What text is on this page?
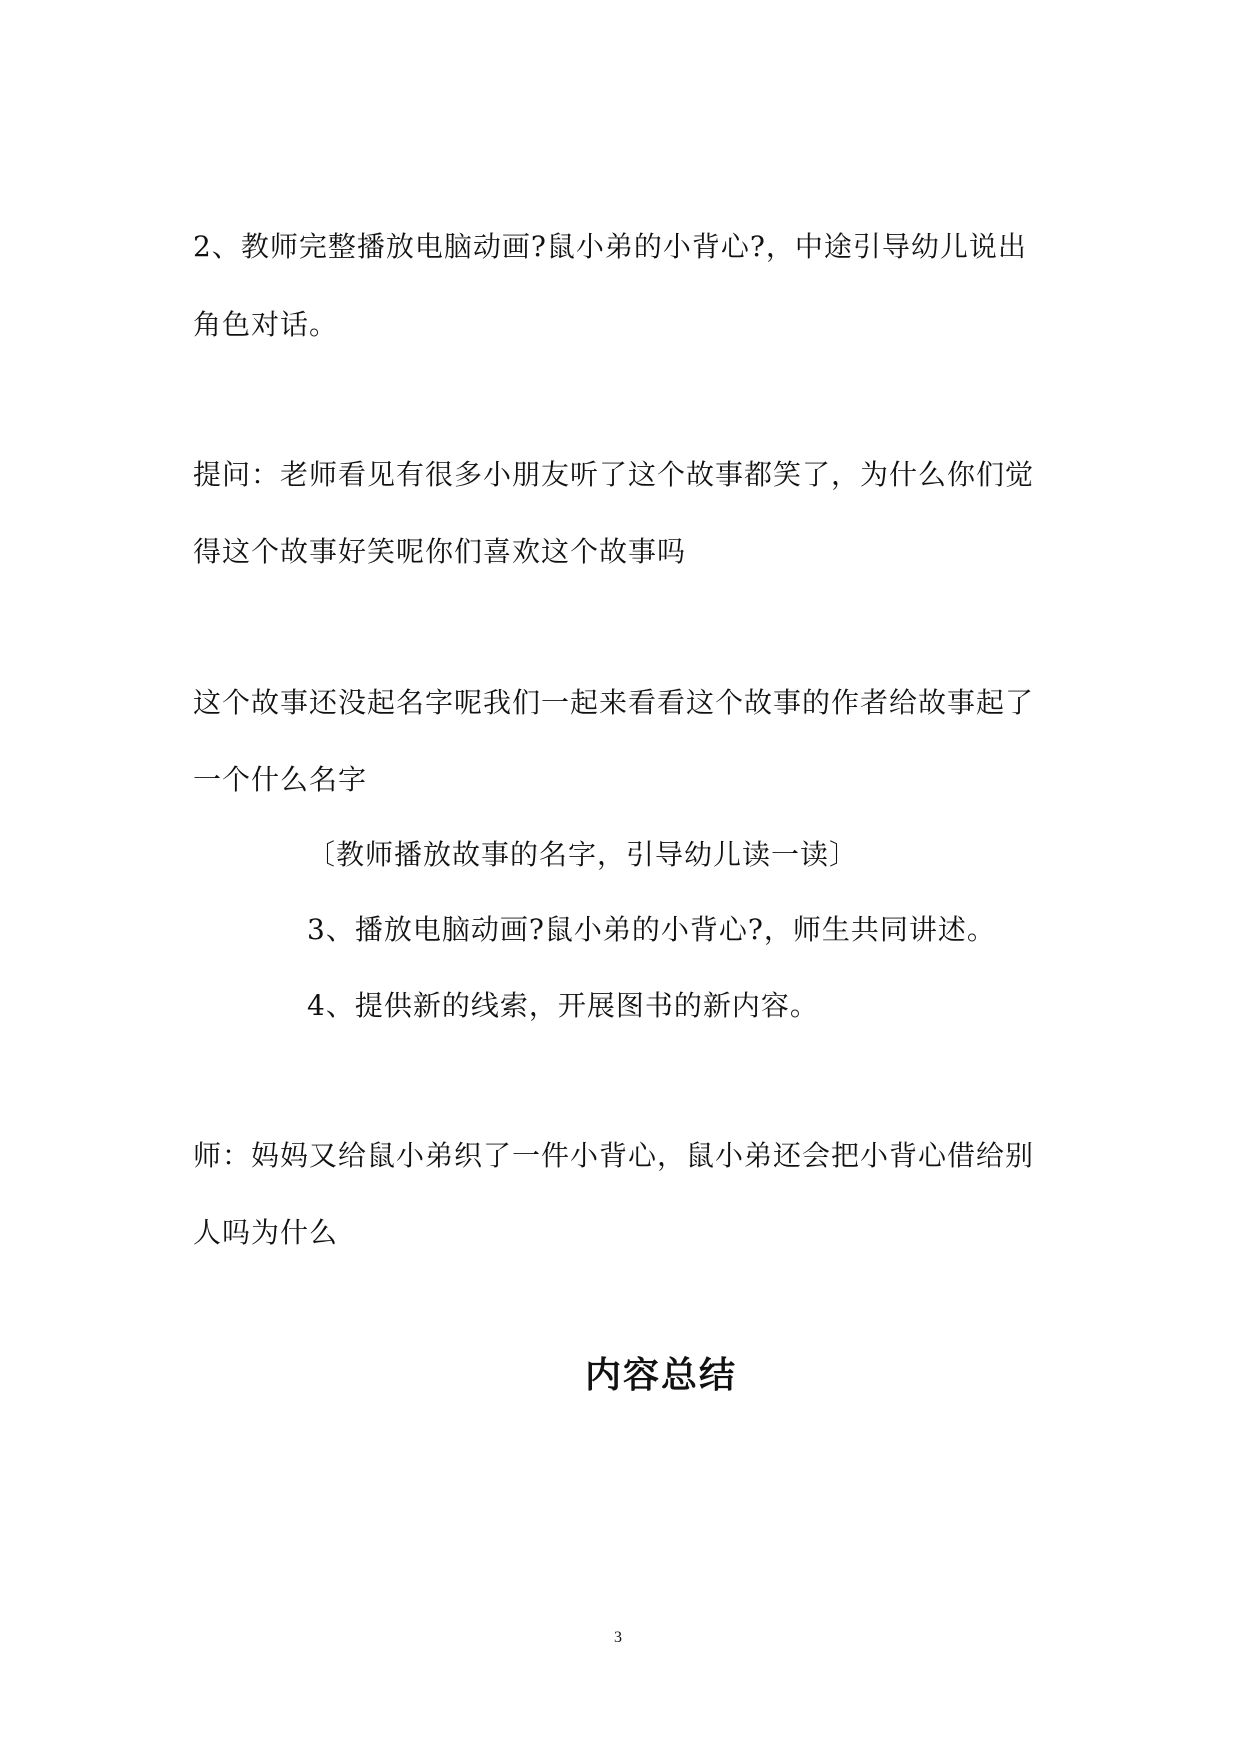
2、教师完整播放电脑动画?鼠小弟的小背心?，中途引导幼儿说出
角色对话。
提问：老师看见有很多小朋友听了这个故事都笑了，为什么你们觉
得这个故事好笑呢你们喜欢这个故事吗
这个故事还没起名字呢我们一起来看看这个故事的作者给故事起了
一个什么名字
〔教师播放故事的名字，引导幼儿读一读〕
3、播放电脑动画?鼠小弟的小背心?，师生共同讲述。
4、提供新的线索，开展图书的新内容。
师：妈妈又给鼠小弟织了一件小背心，鼠小弟还会把小背心借给别
人吗为什么
内容总结
3
